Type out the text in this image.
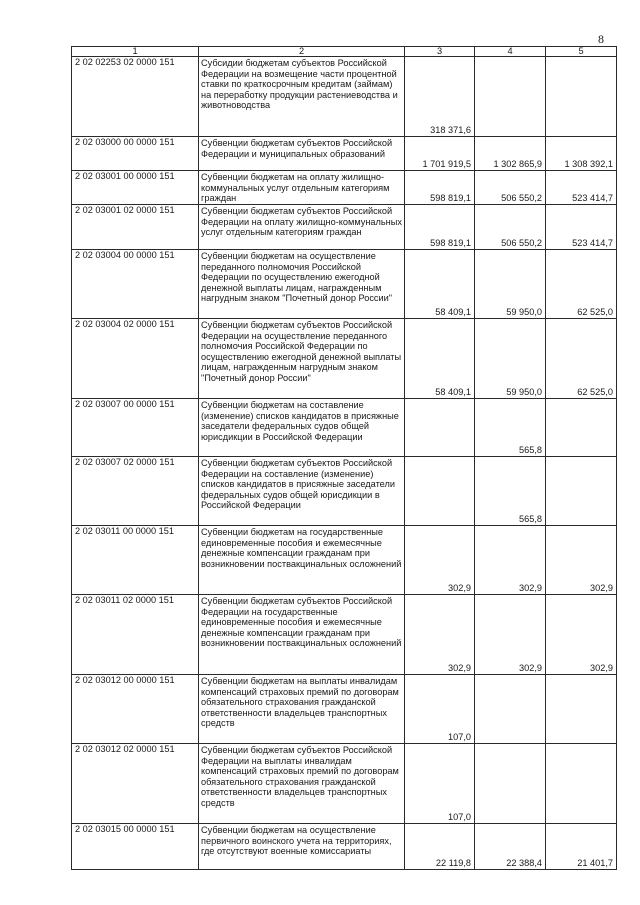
8
1	2	3	4	5
2 02 02253 02 0000 151	Субсидии бюджетам субъектов Российской Федерации на возмещение части процентной ставки по краткосрочным кредитам (займам) на переработку продукции растениеводства и животноводства	318 371,6		
2 02 03000 00 0000 151	Субвенции бюджетам субъектов Российской Федерации и муниципальных образований	1 701 919,5	1 302 865,9	1 308 392,1
2 02 03001 00 0000 151	Субвенции бюджетам на оплату жилищно-коммунальных услуг отдельным категориям граждан	598 819,1	506 550,2	523 414,7
2 02 03001 02 0000 151	Субвенции бюджетам субъектов Российской Федерации на оплату жилищно-коммунальных услуг отдельным категориям граждан	598 819,1	506 550,2	523 414,7
2 02 03004 00 0000 151	Субвенции бюджетам на осуществление переданного полномочия Российской Федерации по осуществлению ежегодной денежной выплаты лицам, награжденным нагрудным знаком "Почетный донор России"	58 409,1	59 950,0	62 525,0
2 02 03004 02 0000 151	Субвенции бюджетам субъектов Российской Федерации на осуществление переданного полномочия Российской Федерации по осуществлению ежегодной денежной выплаты лицам, награжденным нагрудным знаком "Почетный донор России"	58 409,1	59 950,0	62 525,0
2 02 03007 00 0000 151	Субвенции бюджетам на составление (изменение) списков кандидатов в присяжные заседатели федеральных судов общей юрисдикции в Российской Федерации		565,8	
2 02 03007 02 0000 151	Субвенции бюджетам субъектов Российской Федерации на составление (изменение) списков кандидатов в присяжные заседатели федеральных судов общей юрисдикции в Российской Федерации		565,8	
2 02 03011 00 0000 151	Субвенции бюджетам на государственные единовременные пособия и ежемесячные денежные компенсации гражданам при возникновении поствакцинальных осложнений	302,9	302,9	302,9
2 02 03011 02 0000 151	Субвенции бюджетам субъектов Российской Федерации на государственные единовременные пособия и ежемесячные денежные компенсации гражданам при возникновении поствакцинальных осложнений	302,9	302,9	302,9
2 02 03012 00 0000 151	Субвенции бюджетам на выплаты инвалидам компенсаций страховых премий по договорам обязательного страхования гражданской ответственности владельцев транспортных средств	107,0		
2 02 03012 02 0000 151	Субвенции бюджетам субъектов Российской Федерации на выплаты инвалидам компенсаций страховых премий по договорам обязательного страхования гражданской ответственности владельцев транспортных средств	107,0		
2 02 03015 00 0000 151	Субвенции бюджетам на осуществление первичного воинского учета на территориях, где отсутствуют военные комиссариаты	22 119,8	22 388,4	21 401,7
